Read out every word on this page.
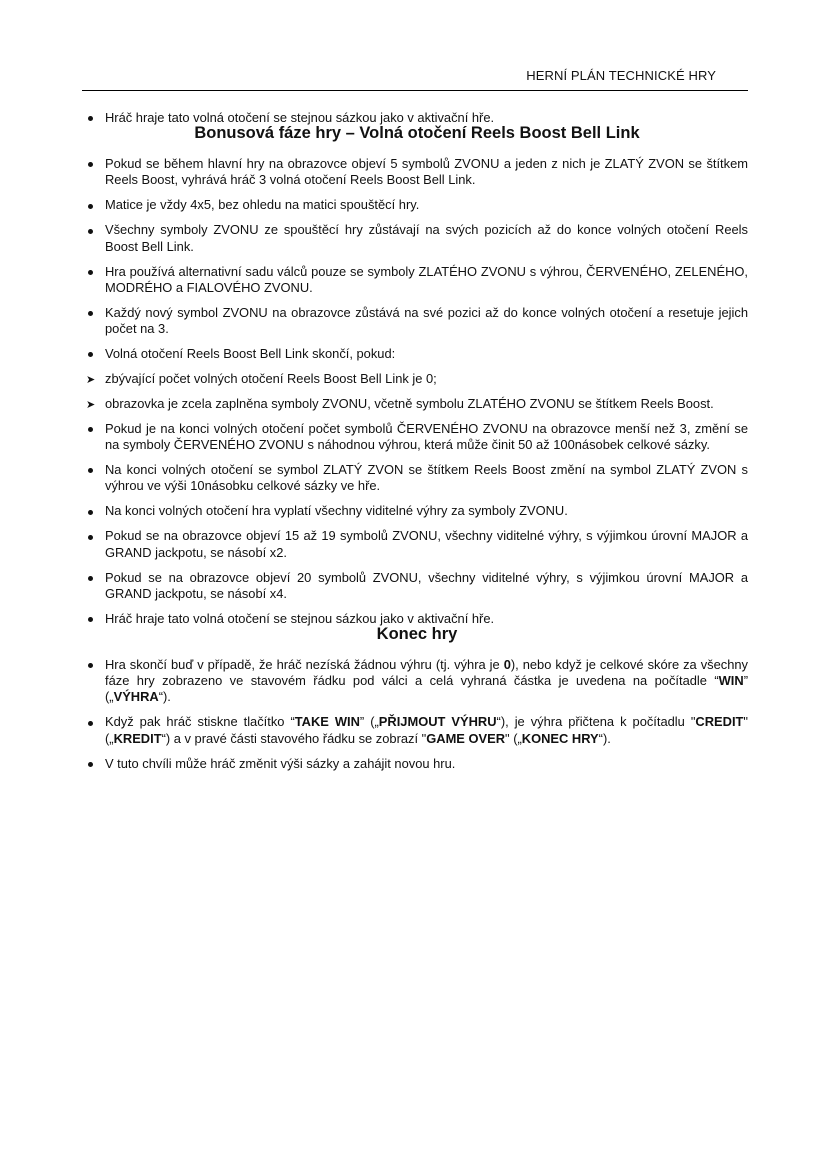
HERNÍ PLÁN TECHNICKÉ HRY
Hráč hraje tato volná otočení se stejnou sázkou jako v aktivační hře.
Bonusová fáze hry – Volná otočení Reels Boost Bell Link
Pokud se během hlavní hry na obrazovce objeví 5 symbolů ZVONU a jeden z nich je ZLATÝ ZVON se štítkem Reels Boost, vyhrává hráč 3 volná otočení Reels Boost Bell Link.
Matice je vždy 4x5, bez ohledu na matici spouštěcí hry.
Všechny symboly ZVONU ze spouštěcí hry zůstávají na svých pozicích až do konce volných otočení Reels Boost Bell Link.
Hra používá alternativní sadu válců pouze se symboly ZLATÉHO ZVONU s výhrou, ČERVENÉHO, ZELENÉHO, MODRÉHO a FIALOVÉHO ZVONU.
Každý nový symbol ZVONU na obrazovce zůstává na své pozici až do konce volných otočení a resetuje jejich počet na 3.
Volná otočení Reels Boost Bell Link skončí, pokud:
➤ zbývající počet volných otočení Reels Boost Bell Link je 0;
➤ obrazovka je zcela zaplněna symboly ZVONU, včetně symbolu ZLATÉHO ZVONU se štítkem Reels Boost.
Pokud je na konci volných otočení počet symbolů ČERVENÉHO ZVONU na obrazovce menší než 3, změní se na symboly ČERVENÉHO ZVONU s náhodnou výhrou, která může činit 50 až 100násobek celkové sázky.
Na konci volných otočení se symbol ZLATÝ ZVON se štítkem Reels Boost změní na symbol ZLATÝ ZVON s výhrou ve výši 10násobku celkové sázky ve hře.
Na konci volných otočení hra vyplatí všechny viditelné výhry za symboly ZVONU.
Pokud se na obrazovce objeví 15 až 19 symbolů ZVONU, všechny viditelné výhry, s výjimkou úrovní MAJOR a GRAND jackpotu, se násobí x2.
Pokud se na obrazovce objeví 20 symbolů ZVONU, všechny viditelné výhry, s výjimkou úrovní MAJOR a GRAND jackpotu, se násobí x4.
Hráč hraje tato volná otočení se stejnou sázkou jako v aktivační hře.
Konec hry
Hra skončí buď v případě, že hráč nezíská žádnou výhru (tj. výhra je 0), nebo když je celkové skóre za všechny fáze hry zobrazeno ve stavovém řádku pod válci a celá vyhraná částka je uvedena na počítadle “WIN” („VÝHRA“).
Když pak hráč stiskne tlačítko “TAKE WIN” („PŘIJMOUT VÝHRU“), je výhra přičtena k počítadlu "CREDIT" („KREDIT“) a v pravé části stavového řádku se zobrazí "GAME OVER" („KONEC HRY“).
V tuto chvíli může hráč změnit výši sázky a zahájit novou hru.
